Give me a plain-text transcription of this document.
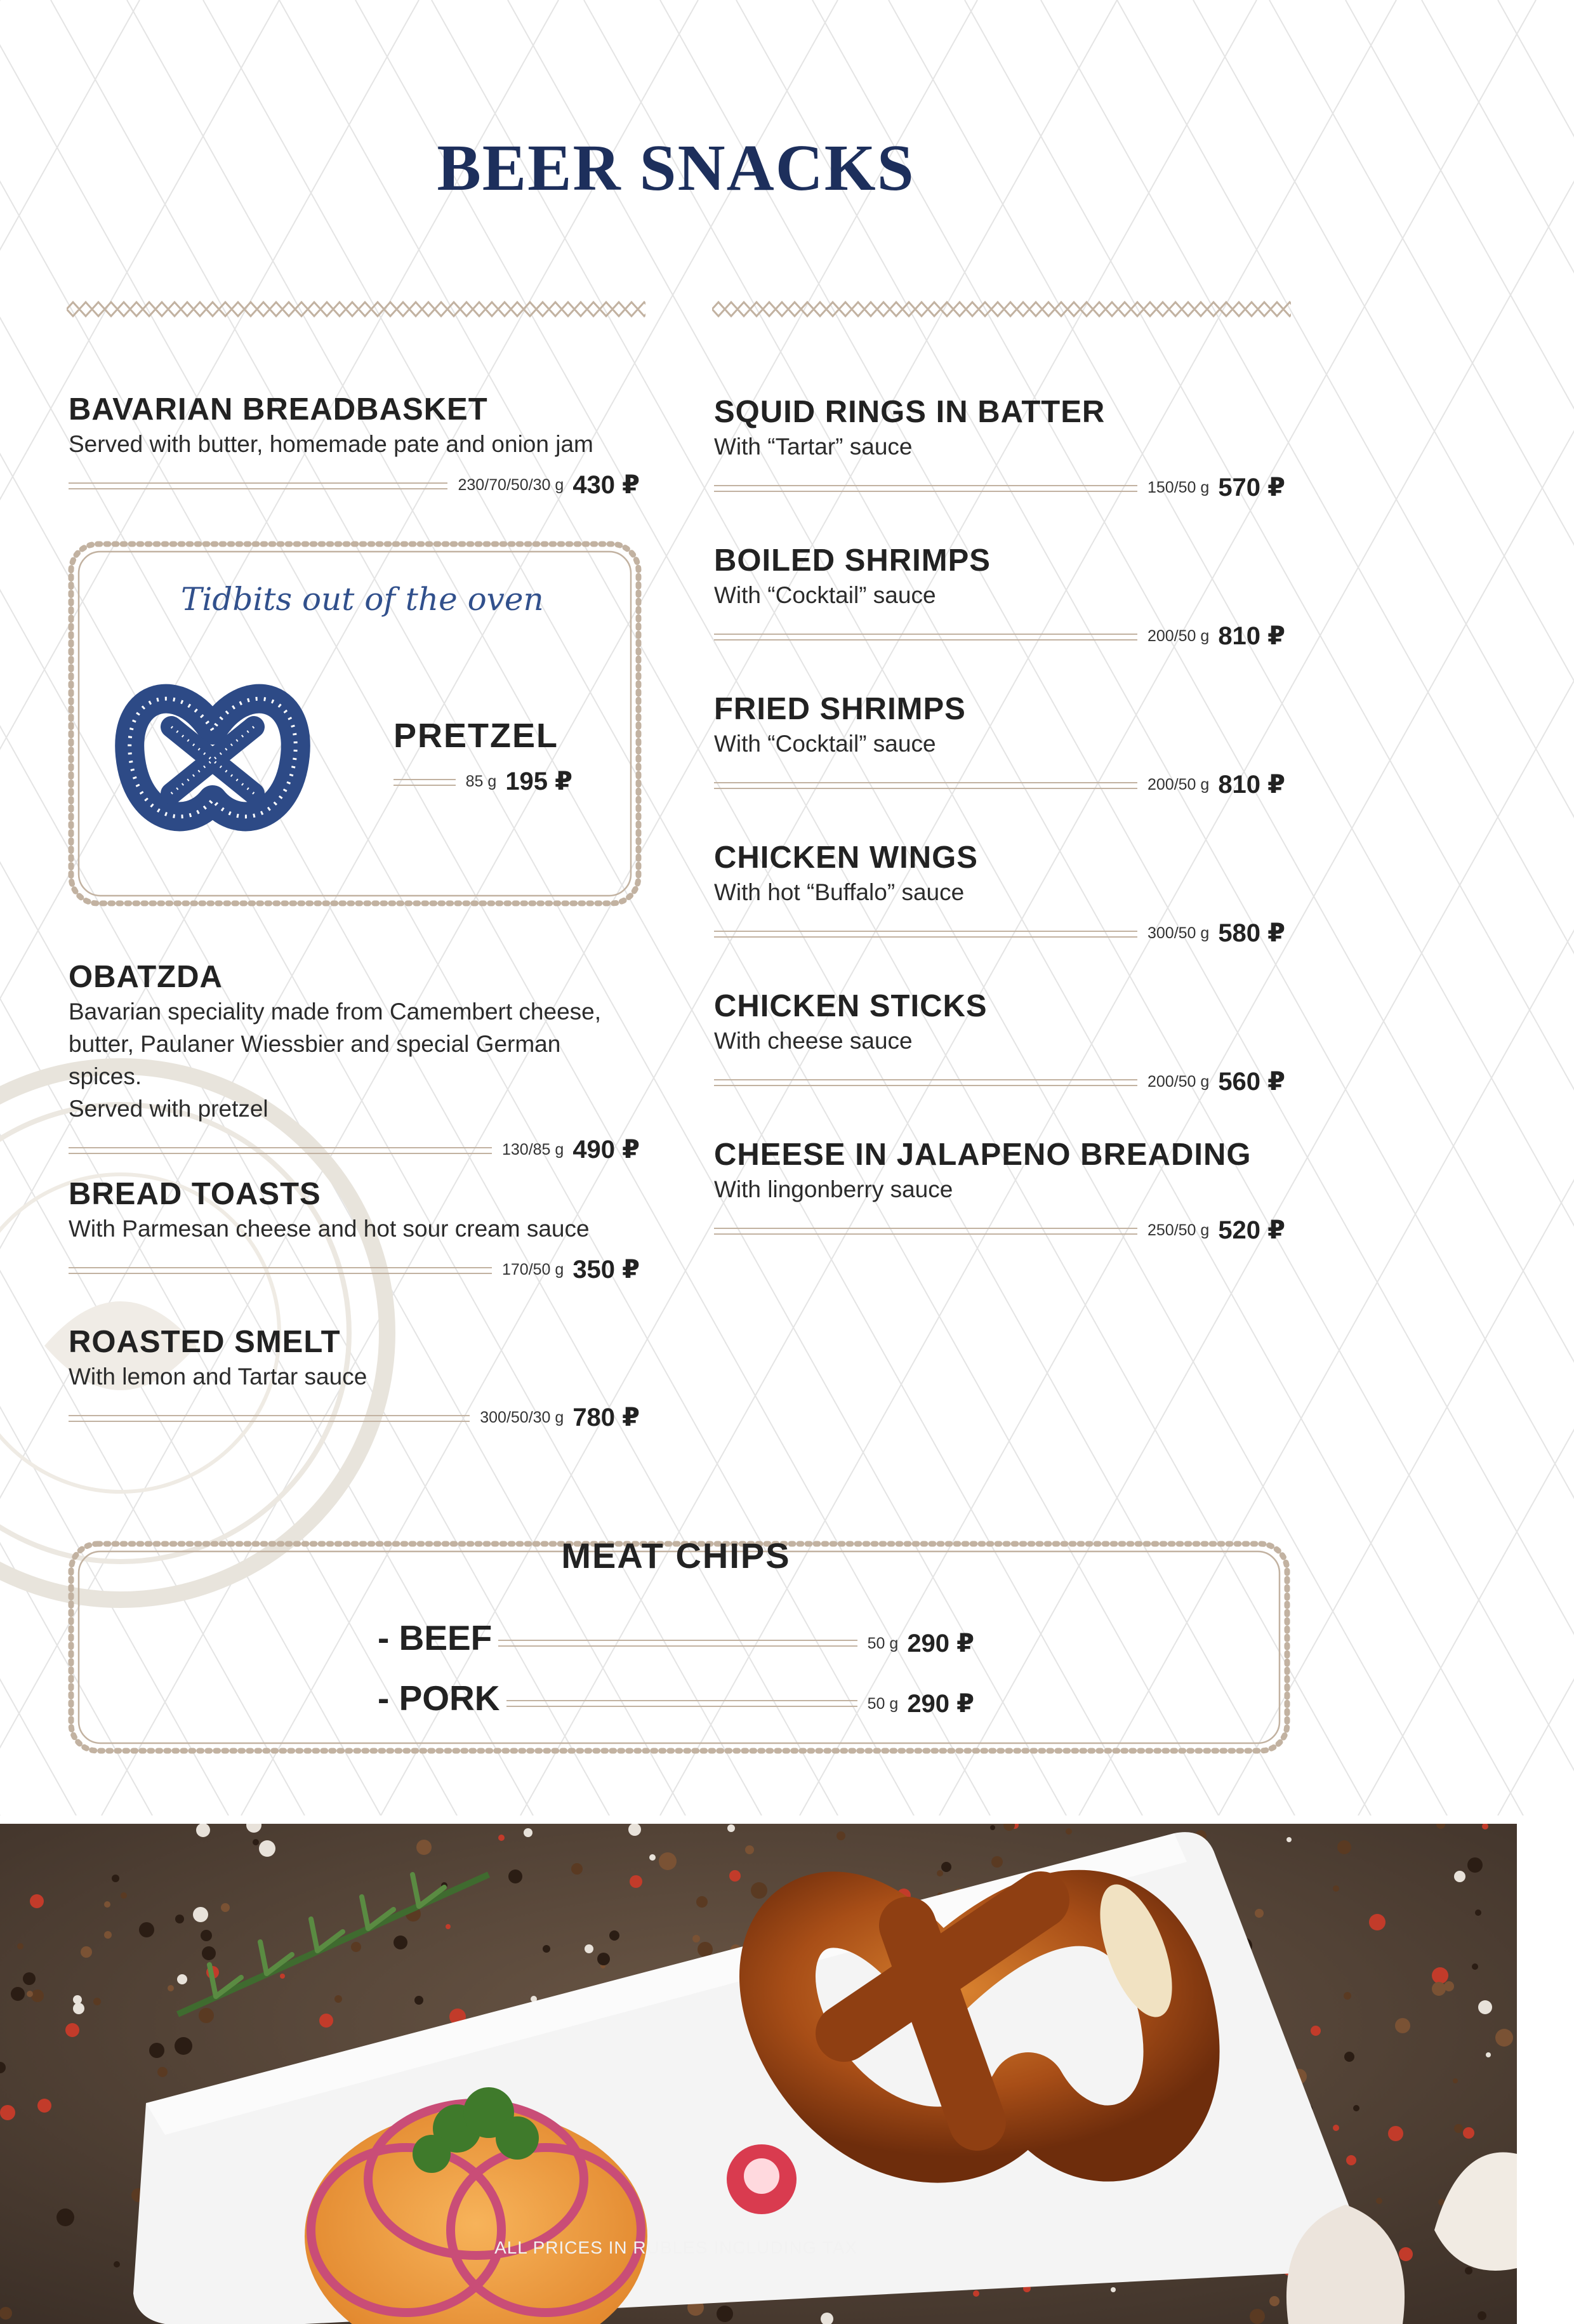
BEER SNACKS
BAVARIAN BREADBASKET
Served with butter, homemade pate and onion jam
230/70/50/30 g 430 ₽
Tidbits out of the oven
PRETZEL
85 g 195 ₽
OBATZDA
Bavarian speciality made from Camembert cheese,
butter, Paulaner Wiessbier and special German spices.
Served with pretzel
130/85 g 490 ₽
BREAD TOASTS
With Parmesan cheese and hot sour cream sauce
170/50 g 350 ₽
ROASTED SMELT
With lemon and Tartar sauce
300/50/30 g 780 ₽
SQUID RINGS IN BATTER
With “Tartar” sauce
150/50 g 570 ₽
BOILED SHRIMPS
With “Cocktail” sauce
200/50 g 810 ₽
FRIED SHRIMPS
With “Cocktail” sauce
200/50 g 810 ₽
CHICKEN WINGS
With hot “Buffalo” sauce
300/50 g 580 ₽
CHICKEN STICKS
With cheese sauce
200/50 g 560 ₽
CHEESE IN JALAPENO BREADING
With lingonberry sauce
250/50 g 520 ₽
MEAT CHIPS
- BEEF	50 g 290 ₽
- PORK	50 g 290 ₽
ALL PRICES IN RUBLES INCLUDING TAX
